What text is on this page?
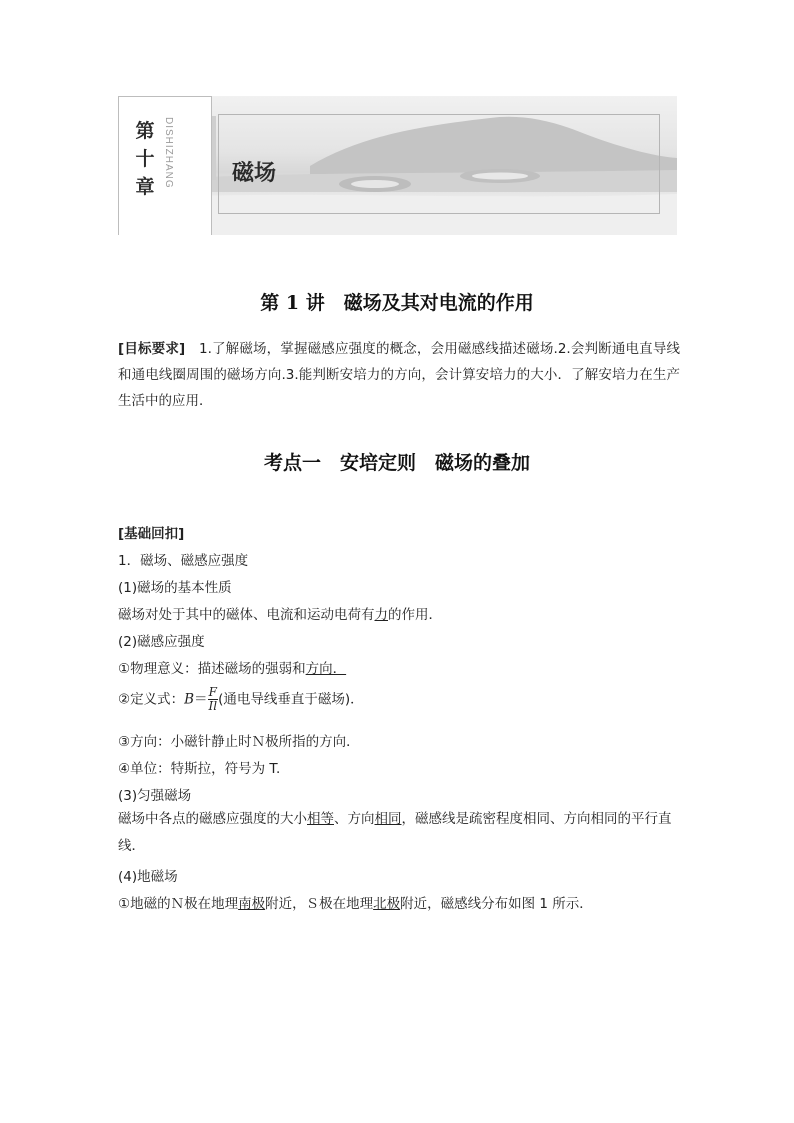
第十章 DISHIZHANG	磁场
第 1 讲　磁场及其对电流的作用
[目标要求]　1.了解磁场，掌握磁感应强度的概念，会用磁感线描述磁场.2.会判断通电直导线和通电线圈周围的磁场方向.3.能判断安培力的方向，会计算安培力的大小．了解安培力在生产生活中的应用．
考点一　安培定则　磁场的叠加
[基础回扣]
1．磁场、磁感应强度
(1)磁场的基本性质
磁场对处于其中的磁体、电流和运动电荷有力的作用．
(2)磁感应强度
①物理意义：描述磁场的强弱和方向．
②定义式：$B= \frac{F}{Il}$ (通电导线垂直于磁场)．
③方向：小磁针静止时Ｎ极所指的方向．
④单位：特斯拉，符号为 T.
(3)匀强磁场
磁场中各点的磁感应强度的大小相等、方向相同，磁感线是疏密程度相同、方向相同的平行直线．
(4)地磁场
①地磁的Ｎ极在地理南极附近，Ｓ极在地理北极附近，磁感线分布如图 1 所示．
